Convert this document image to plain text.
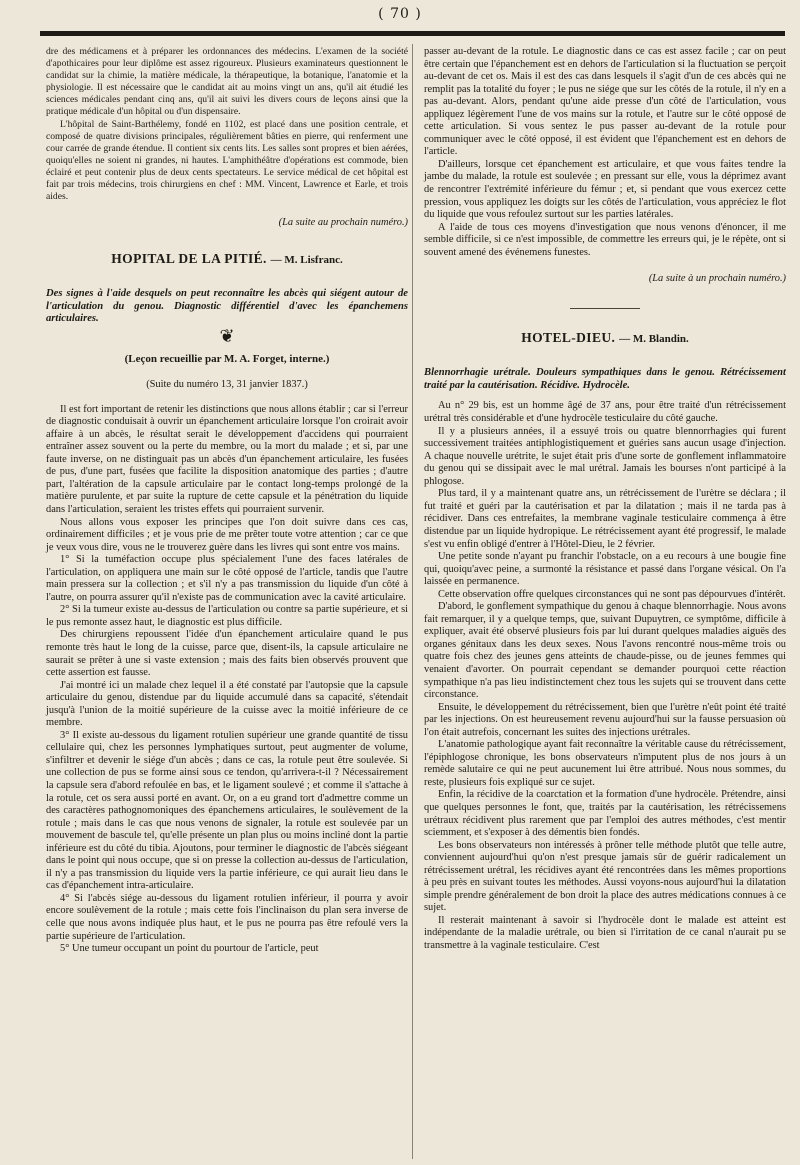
( 70 )

dre des médicamens et à préparer les ordonnances des médecins. L'examen de la société d'apothicaires pour leur diplôme est assez rigoureux. Plusieurs examinateurs questionnent le candidat sur la chimie, la matière médicale, la thérapeutique, la botanique, l'anatomie et la physiologie. Il est nécessaire que le candidat ait au moins vingt un ans, qu'il ait étudié les sciences médicales pendant cinq ans, qu'il ait suivi les divers cours de leçons ainsi que la pratique médicale d'un hôpital ou d'un dispensaire.

L'hôpital de Saint-Barthélemy, fondé en 1102, est placé dans une position centrale, et composé de quatre divisions principales, régulièrement bâties en pierre, qui renferment une cour carrée de grande étendue. Il contient six cents lits. Les salles sont propres et bien aérées, quoiqu'elles ne soient ni grandes, ni hautes. L'amphithéâtre d'opérations est commode, bien éclairé et peut contenir plus de deux cents spectateurs. Le service médical de cet hôpital est fait par trois médecins, trois chirurgiens en chef : MM. Vincent, Lawrence et Earle, et trois aides.

(La suite au prochain numéro.)

HOPITAL DE LA PITIÉ. — M. Lisfranc.

Des signes à l'aide desquels on peut reconnaître les abcès qui siégent autour de l'articulation du genou. Diagnostic différentiel d'avec les épanchemens articulaires.

❦

(Leçon recueillie par M. A. Forget, interne.)

(Suite du numéro 13, 31 janvier 1837.)

Il est fort important de retenir les distinctions que nous allons établir ; car si l'erreur de diagnostic conduisait à ouvrir un épanchement articulaire lorsque l'on croirait avoir affaire à un abcès, le résultat serait le développement d'accidens qui pourraient entraîner assez souvent ou la perte du membre, ou la mort du malade ; et si, par une faute inverse, on ne distinguait pas un abcès d'un épanchement articulaire, les fusées de pus, d'une part, fusées que facilite la disposition anatomique des parties ; d'autre part, l'altération de la capsule articulaire par le contact long-temps prolongé de la matière purulente, et par suite la rupture de cette capsule et la pénétration du liquide dans l'articulation, seraient les tristes effets qui pourraient survenir.

Nous allons vous exposer les principes que l'on doit suivre dans ces cas, ordinairement difficiles ; et je vous prie de me prêter toute votre attention ; car ce que je veux vous dire, vous ne le trouverez guère dans les livres qui sont entre vos mains.

1° Si la tuméfaction occupe plus spécialement l'une des faces latérales de l'articulation, on appliquera une main sur le côté opposé de l'article, tandis que l'autre main pressera sur la collection ; et s'il n'y a pas transmission du liquide d'un côté à l'autre, on pourra assurer qu'il n'existe pas de communication avec la cavité articulaire.

2° Si la tumeur existe au-dessus de l'articulation ou contre sa partie supérieure, et si le pus remonte assez haut, le diagnostic est plus difficile.

Des chirurgiens repoussent l'idée d'un épanchement articulaire quand le pus remonte très haut le long de la cuisse, parce que, disent-ils, la capsule articulaire ne saurait se prêter à une si vaste extension ; mais des faits bien observés prouvent que cette assertion est fausse.

J'ai montré ici un malade chez lequel il a été constaté par l'autopsie que la capsule articulaire du genou, distendue par du liquide accumulé dans sa capacité, s'étendait jusqu'à l'union de la moitié supérieure de la cuisse avec la moitié inférieure de ce membre.

3° Il existe au-dessous du ligament rotulien supérieur une grande quantité de tissu cellulaire qui, chez les personnes lymphatiques surtout, peut augmenter de volume, s'infiltrer et devenir le siége d'un abcès ; dans ce cas, la rotule peut être soulevée. Si une collection de pus se forme ainsi sous ce tendon, qu'arrivera-t-il ? Nécessairement la capsule sera d'abord refoulée en bas, et le ligament soulevé ; et comme il s'attache à la rotule, cet os sera aussi porté en avant. Or, on a eu grand tort d'admettre comme un des caractères pathognomoniques des épanchemens articulaires, le soulèvement de la rotule ; mais dans le cas que nous venons de signaler, la rotule est soulevée par un mouvement de bascule tel, qu'elle présente un plan plus ou moins incliné dont la partie inférieure est du côté du tibia. Ajoutons, pour terminer le diagnostic de l'abcès siégeant dans le point qui nous occupe, que si on presse la collection au-dessus de l'articulation, il n'y a pas transmission du liquide vers la partie inférieure, ce qui aurait lieu dans le cas d'épanchement intra-articulaire.

4° Si l'abcès siége au-dessous du ligament rotulien inférieur, il pourra y avoir encore soulèvement de la rotule ; mais cette fois l'inclinaison du plan sera inverse de celle que nous avons indiquée plus haut, et le pus ne pourra pas être refoulé vers la partie supérieure de l'articulation.

5° Une tumeur occupant un point du pourtour de l'article, peut

passer au-devant de la rotule. Le diagnostic dans ce cas est assez facile ; car on peut être certain que l'épanchement est en dehors de l'articulation si la fluctuation se perçoit au-devant de cet os. Mais il est des cas dans lesquels il s'agit d'un de ces abcès qui ne remplit pas la totalité du foyer ; le pus ne siége que sur les côtés de la rotule, il n'y en a pas au-devant. Alors, pendant qu'une aide presse d'un côté de l'articulation, vous appliquez légèrement l'une de vos mains sur la rotule, et l'autre sur le côté opposé de cette articulation. Si vous sentez le pus passer au-devant de la rotule pour communiquer avec le côté opposé, il est évident que l'épanchement est en dehors de l'article.

D'ailleurs, lorsque cet épanchement est articulaire, et que vous faites tendre la jambe du malade, la rotule est soulevée ; en pressant sur elle, vous la déprimez avant de rencontrer l'extrémité inférieure du fémur ; et, si pendant que vous exercez cette pression, vous appliquez les doigts sur les côtés de l'articulation, vous appréciez le flot du liquide que vous refoulez surtout sur les parties latérales.

A l'aide de tous ces moyens d'investigation que nous venons d'énoncer, il me semble difficile, si ce n'est impossible, de commettre les erreurs qui, je le répète, ont si souvent amené des événemens funestes.

(La suite à un prochain numéro.)

HOTEL-DIEU. — M. Blandin.

Blennorrhagie urétrale. Douleurs sympathiques dans le genou. Rétrécissement traité par la cautérisation. Récidive. Hydrocèle.

Au n° 29 bis, est un homme âgé de 37 ans, pour être traité d'un rétrécissement urétral très considérable et d'une hydrocèle testiculaire du côté gauche.

Il y a plusieurs années, il a essuyé trois ou quatre blennorrhagies qui furent successivement traitées antiphlogistiquement et guéries sans aucun usage d'injection. A chaque nouvelle urétrite, le sujet était pris d'une sorte de gonflement inflammatoire du genou qui se dissipait avec le mal urétral. Jamais les bourses n'ont participé à la phlogose.

Plus tard, il y a maintenant quatre ans, un rétrécissement de l'urètre se déclara ; il fut traité et guéri par la cautérisation et par la dilatation ; mais il ne tarda pas à récidiver. Dans ces entrefaites, la membrane vaginale testiculaire commença à être distendue par un liquide hydropique. Le rétrécissement ayant été progressif, le malade s'est vu enfin obligé d'entrer à l'Hôtel-Dieu, le 2 février.

Une petite sonde n'ayant pu franchir l'obstacle, on a eu recours à une bougie fine qui, quoiqu'avec peine, a surmonté la résistance et passé dans l'organe vésical. On l'a laissée en permanence.

Cette observation offre quelques circonstances qui ne sont pas dépourvues d'intérêt.

D'abord, le gonflement sympathique du genou à chaque blennorrhagie. Nous avons fait remarquer, il y a quelque temps, que, suivant Dupuytren, ce symptôme, difficile à expliquer, avait été observé plusieurs fois par lui durant quelques maladies aiguës des organes génitaux dans les deux sexes. Nous l'avons rencontré nous-même trois ou quatre fois chez des jeunes gens atteints de chaude-pisse, ou de jeunes femmes qui venaient d'avorter. On pourrait cependant se demander pourquoi cette réaction sympathique n'a pas lieu indistinctement chez tous les sujets qui se trouvent dans cette circonstance.

Ensuite, le développement du rétrécissement, bien que l'urètre n'eût point été traité par les injections. On est heureusement revenu aujourd'hui sur la fausse persuasion où l'on était autrefois, concernant les suites des injections urétrales.

L'anatomie pathologique ayant fait reconnaître la véritable cause du rétrécissement, l'épiphlogose chronique, les bons observateurs n'imputent plus de nos jours à un remède salutaire ce qui ne peut aucunement lui être attribué. Nous nous sommes, du reste, plusieurs fois expliqué sur ce sujet.

Enfin, la récidive de la coarctation et la formation d'une hydrocèle. Prétendre, ainsi que quelques personnes le font, que, traités par la cautérisation, les rétrécissemens urétraux récidivent plus rarement que par l'emploi des autres méthodes, c'est mentir sciemment, et s'exposer à des démentis bien fondés.

Les bons observateurs non intéressés à prôner telle méthode plutôt que telle autre, conviennent aujourd'hui qu'on n'est presque jamais sûr de guérir radicalement un rétrécissement urétral, les récidives ayant été rencontrées dans les mêmes proportions à peu près en suivant toutes les méthodes. Aussi voyons-nous aujourd'hui la dilatation simple prendre généralement de bon droit la place des autres médications connues à ce sujet.

Il resterait maintenant à savoir si l'hydrocèle dont le malade est atteint est indépendante de la maladie urétrale, ou bien si l'irritation de ce canal n'aurait pu se transmettre à la vaginale testiculaire. C'est
